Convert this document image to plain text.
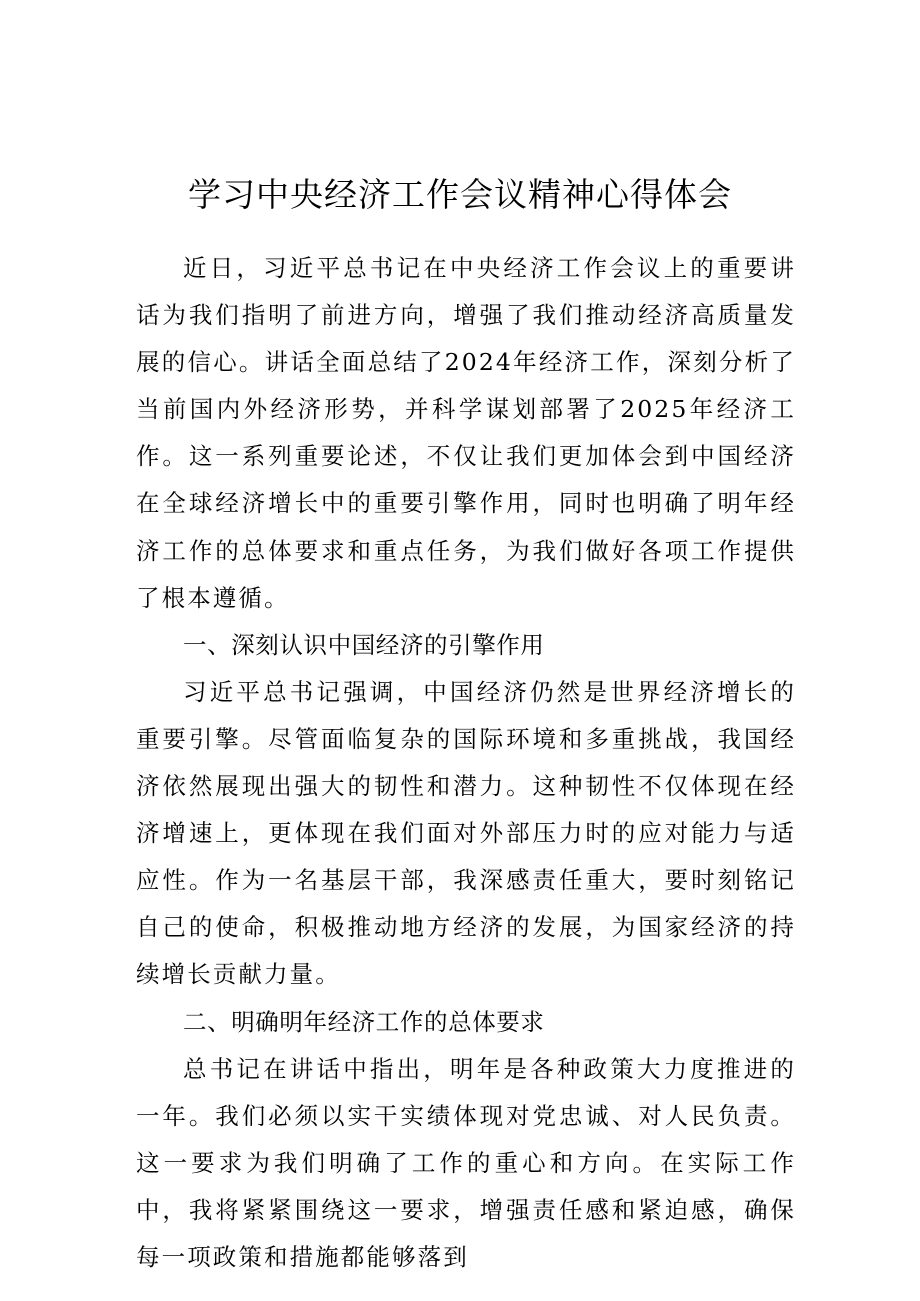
学习中央经济工作会议精神心得体会

近日，习近平总书记在中央经济工作会议上的重要讲话为我们指明了前进方向，增强了我们推动经济高质量发展的信心。讲话全面总结了2024年经济工作，深刻分析了当前国内外经济形势，并科学谋划部署了2025年经济工作。这一系列重要论述，不仅让我们更加体会到中国经济在全球经济增长中的重要引擎作用，同时也明确了明年经济工作的总体要求和重点任务，为我们做好各项工作提供了根本遵循。

一、深刻认识中国经济的引擎作用

习近平总书记强调，中国经济仍然是世界经济增长的重要引擎。尽管面临复杂的国际环境和多重挑战，我国经济依然展现出强大的韧性和潜力。这种韧性不仅体现在经济增速上，更体现在我们面对外部压力时的应对能力与适应性。作为一名基层干部，我深感责任重大，要时刻铭记自己的使命，积极推动地方经济的发展，为国家经济的持续增长贡献力量。

二、明确明年经济工作的总体要求

总书记在讲话中指出，明年是各种政策大力度推进的一年。我们必须以实干实绩体现对党忠诚、对人民负责。这一要求为我们明确了工作的重心和方向。在实际工作中，我将紧紧围绕这一要求，增强责任感和紧迫感，确保每一项政策和措施都能够落到
